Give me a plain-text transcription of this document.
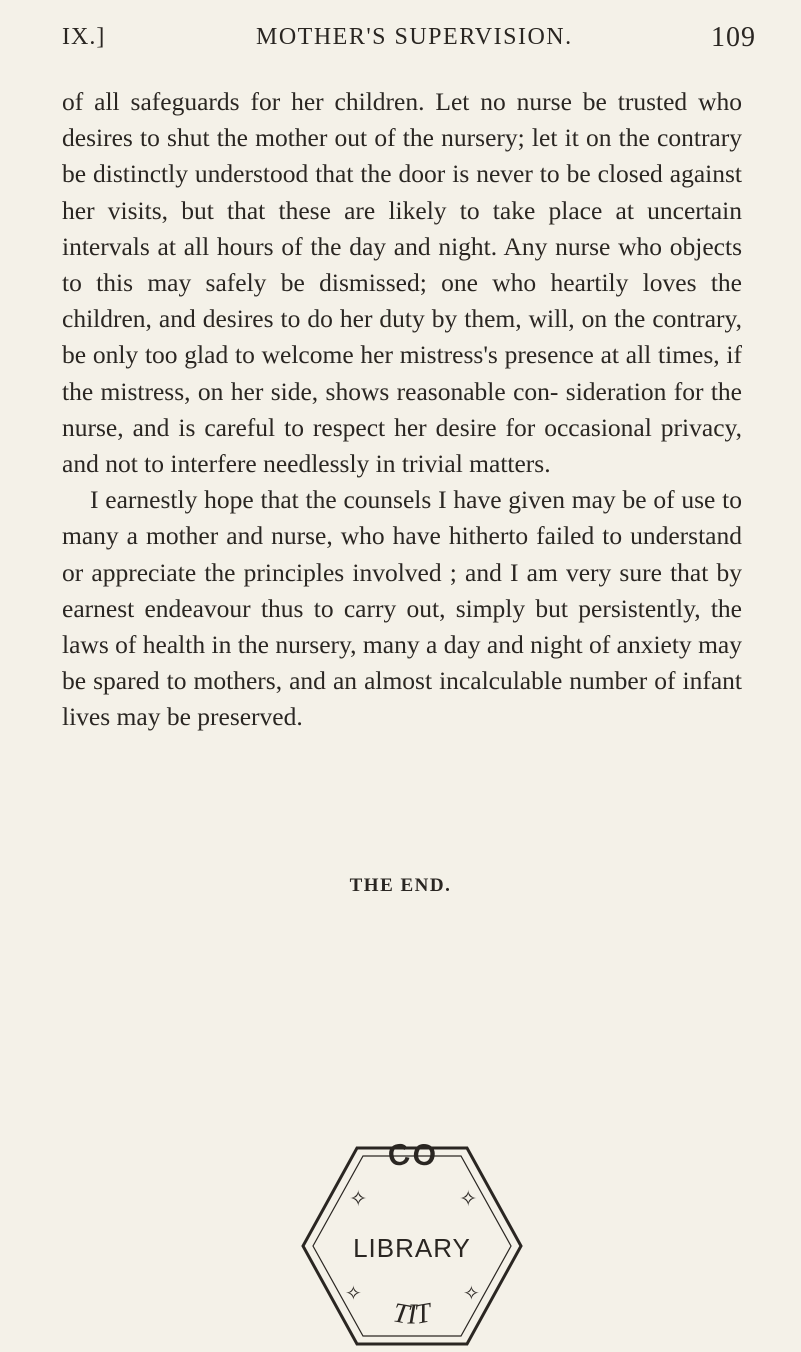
IX.]	MOTHER'S SUPERVISION.	109

of all safeguards for her children. Let no nurse be trusted who desires to shut the mother out of the nursery; let it on the contrary be distinctly understood that the door is never to be closed against her visits, but that these are likely to take place at uncertain intervals at all hours of the day and night. Any nurse who objects to this may safely be dismissed; one who heartily loves the children, and desires to do her duty by them, will, on the contrary, be only too glad to welcome her mistress's presence at all times, if the mistress, on her side, shows reasonable con- sideration for the nurse, and is careful to respect her desire for occasional privacy, and not to interfere needlessly in trivial matters.

I earnestly hope that the counsels I have given may be of use to many a mother and nurse, who have hitherto failed to understand or appreciate the principles involved ; and I am very sure that by earnest endeavour thus to carry out, simply but persistently, the laws of health in the nursery, many a day and night of anxiety may be spared to mothers, and an almost incalculable number of infant lives may be preserved.

THE END.
CO
✧	✧
LIBRARY
TIT
✧	✧
